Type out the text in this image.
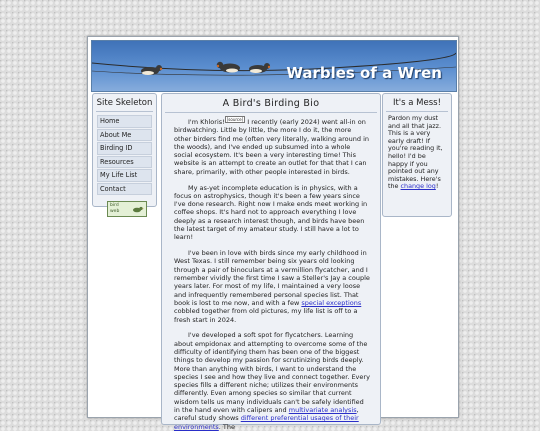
Warbles of a Wren
Site Skeleton
Home
About Me
Birding ID
Resources
My Life List
Contact
bird
web
A Bird's Birding Bio

I'm Khloris! [source] I recently (early 2024) went all-in on birdwatching. Little by little, the more I do it, the more other birders find me (often very literally, walking around in the woods), and I've ended up subsumed into a whole social ecosystem. It's been a very interesting time! This website is an attempt to create an outlet for that that I can share, primarily, with other people interested in birds.

My as-yet incomplete education is in physics, with a focus on astrophysics, though it's been a few years since I've done research. Right now I make ends meet working in coffee shops. It's hard not to approach everything I love deeply as a research interest though, and birds have been the latest target of my amateur study. I still have a lot to learn!

I've been in love with birds since my early childhood in West Texas. I still remember being six years old looking through a pair of binoculars at a vermillion flycatcher, and I remember vividly the first time I saw a Steller's Jay a couple years later. For most of my life, I maintained a very loose and infrequently remembered personal species list. That book is lost to me now, and with a few special exceptions cobbled together from old pictures, my life list is off to a fresh start in 2024.

I've developed a soft spot for flycatchers. Learning about empidonax and attempting to overcome some of the difficulty of identifying them has been one of the biggest things to develop my passion for scrutinizing birds deeply. More than anything with birds, I want to understand the species I see and how they live and connect together. Every species fills a different niche; utilizes their environments differently. Even among species so similar that current wisdom tells us many individuals can't be safely identified in the hand even with calipers and multivariate analysis, careful study shows different preferential usages of their environments. The

It's a Mess!
Pardon my dust and all that jazz. This is a very early draft! If you're reading it, hello! I'd be happy if you pointed out any mistakes. Here's the change log!
